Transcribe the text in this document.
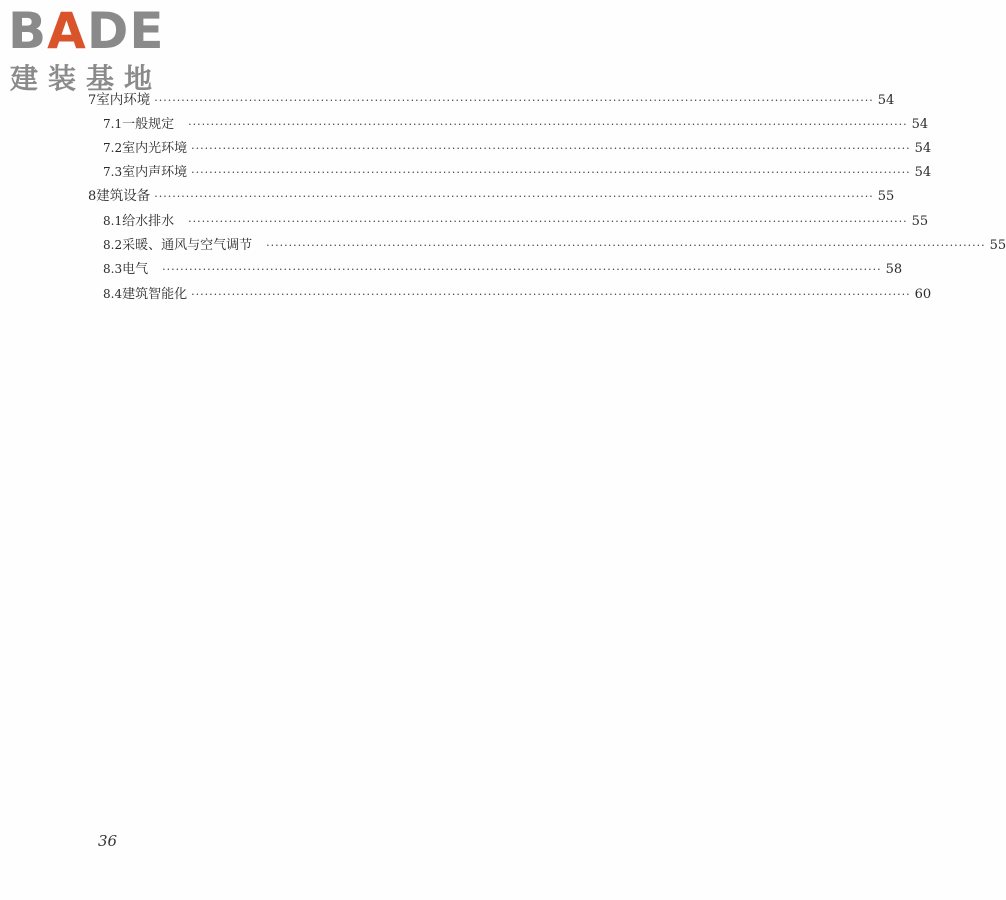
BADE
建装基地
7 室内环境 ································································································································································ 54
7.1 一般规定 ································································································································································ 54
7.2 室内光环境 ································································································································································ 54
7.3 室内声环境 ································································································································································ 54
8 建筑设备 ································································································································································ 55
8.1 给水排水 ································································································································································ 55
8.2 采暖、通风与空气调节 ································································································································································ 55
8.3 电气 ································································································································································ 58
8.4 建筑智能化 ································································································································································ 60
36
